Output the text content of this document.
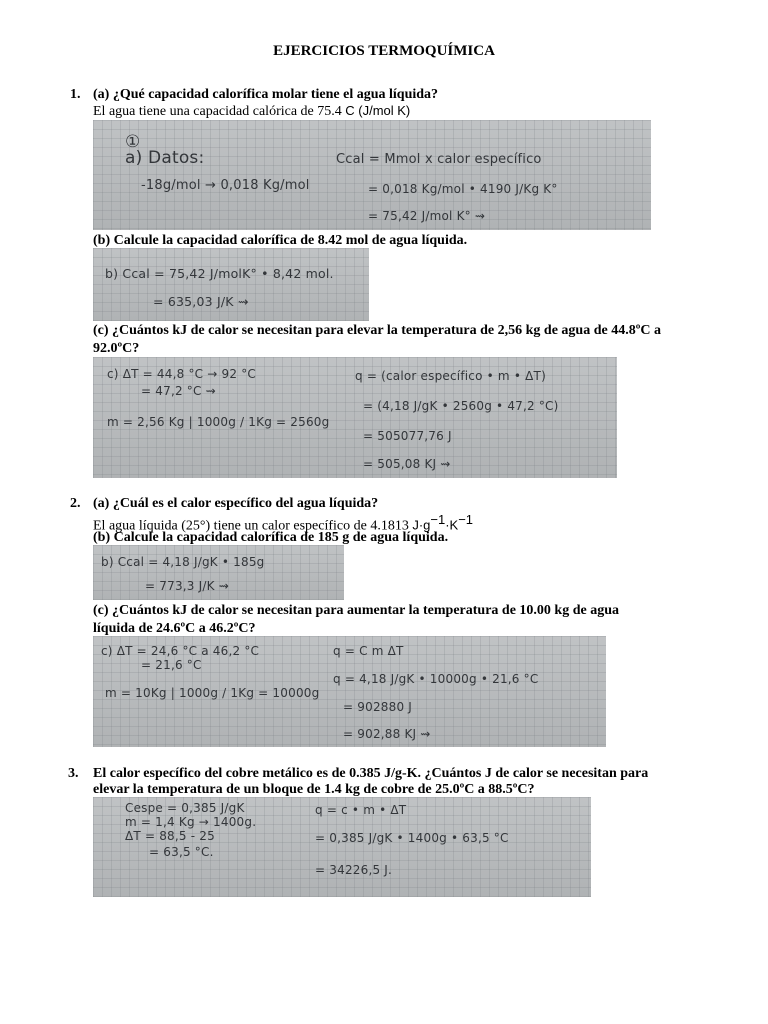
EJERCICIOS TERMOQUÍMICA
1. (a) ¿Qué capacidad calorífica molar tiene el agua líquida?
El agua tiene una capacidad calórica de 75.4 C (J/mol K)
①
a) Datos:
-18g/mol → 0,018 Kg/mol
Ccal = Mmol x calor específico
= 0,018 Kg/mol • 4190 J/Kg K°
= 75,42 J/mol K° ⇝
(b) Calcule la capacidad calorífica de 8.42 mol de agua líquida.
b) Ccal = 75,42 J/molK° • 8,42 mol.
= 635,03 J/K ⇝
(c) ¿Cuántos kJ de calor se necesitan para elevar la temperatura de 2,56 kg de agua de 44.8ºC a
92.0ºC?
c) ΔT = 44,8 °C → 92 °C
= 47,2 °C ⇝
m = 2,56 Kg | 1000g / 1Kg = 2560g
q = (calor específico • m • ΔT)
= (4,18 J/gK • 2560g • 47,2 °C)
= 505077,76 J
= 505,08 KJ ⇝
2. (a) ¿Cuál es el calor específico del agua líquida?
El agua líquida (25°) tiene un calor específico de 4.1813 $J\cdot g^{-1}\cdot K^{-1}$
(b) Calcule la capacidad calorífica de 185 g de agua líquida.
b) Ccal = 4,18 J/gK • 185g
= 773,3 J/K ⇝
(c) ¿Cuántos kJ de calor se necesitan para aumentar la temperatura de 10.00 kg de agua
líquida de 24.6ºC a 46.2ºC?
c) ΔT = 24,6 °C a 46,2 °C
= 21,6 °C
m = 10Kg | 1000g / 1Kg = 10000g
q = C m ΔT
q = 4,18 J/gK • 10000g • 21,6 °C
= 902880 J
= 902,88 KJ ⇝
3. El calor específico del cobre metálico es de 0.385 J/g-K. ¿Cuántos J de calor se necesitan para
elevar la temperatura de un bloque de 1.4 kg de cobre de 25.0ºC a 88.5ºC?
Cespe = 0,385 J/gK
m = 1,4 Kg → 1400g.
ΔT = 88,5 - 25
= 63,5 °C.
q = c • m • ΔT
= 0,385 J/gK • 1400g • 63,5 °C
= 34226,5 J.
